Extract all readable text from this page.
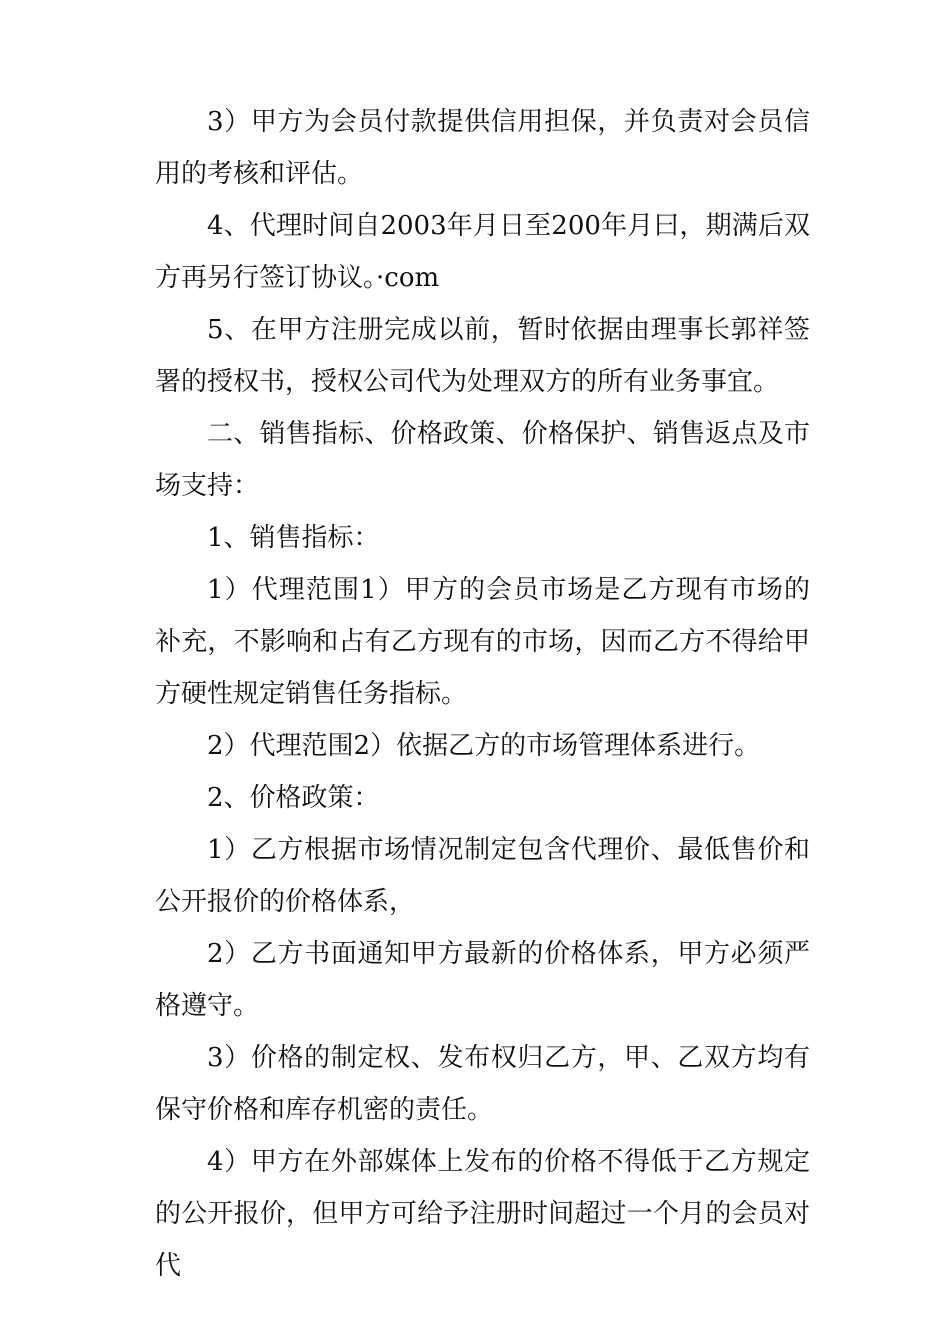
3）甲方为会员付款提供信用担保，并负责对会员信用的考核和评估。

4、代理时间自2003年月日至200年月曰，期满后双方再另行签订协议。·com

5、在甲方注册完成以前，暂时依据由理事长郭祥签署的授权书，授权公司代为处理双方的所有业务事宜。

二、销售指标、价格政策、价格保护、销售返点及市场支持：

1、销售指标：

1）代理范围1）甲方的会员市场是乙方现有市场的补充，不影响和占有乙方现有的市场，因而乙方不得给甲方硬性规定销售任务指标。

2）代理范围2）依据乙方的市场管理体系进行。

2、价格政策：

1）乙方根据市场情况制定包含代理价、最低售价和公开报价的价格体系，

2）乙方书面通知甲方最新的价格体系，甲方必须严格遵守。

3）价格的制定权、发布权归乙方，甲、乙双方均有保守价格和库存机密的责任。

4）甲方在外部媒体上发布的价格不得低于乙方规定的公开报价，但甲方可给予注册时间超过一个月的会员对代
